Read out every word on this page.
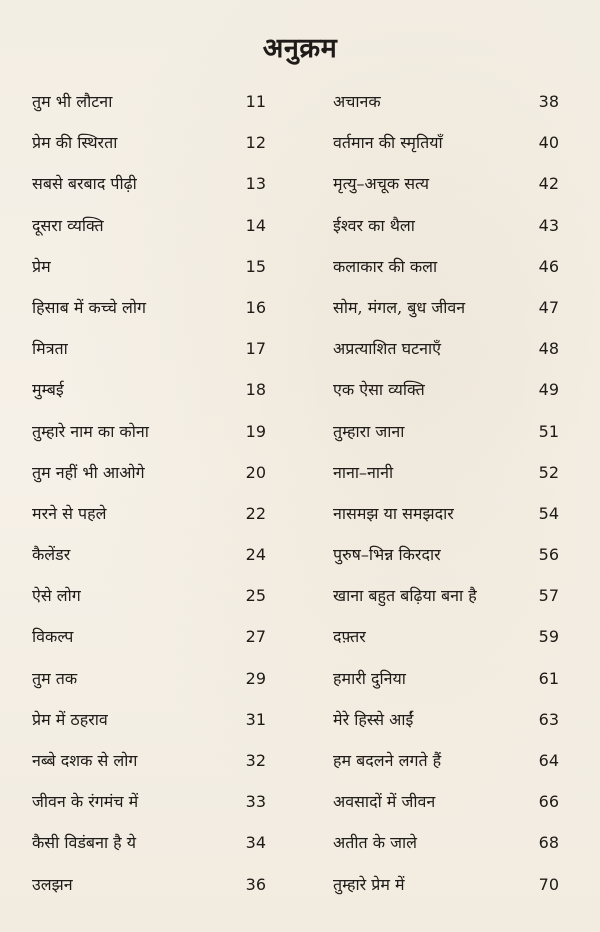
अनुक्रम
तुम भी लौटना	11
प्रेम की स्थिरता	12
सबसे बरबाद पीढ़ी	13
दूसरा व्यक्ति	14
प्रेम	15
हिसाब में कच्चे लोग	16
मित्रता	17
मुम्बई	18
तुम्हारे नाम का कोना	19
तुम नहीं भी आओगे	20
मरने से पहले	22
कैलेंडर	24
ऐसे लोग	25
विकल्प	27
तुम तक	29
प्रेम में ठहराव	31
नब्बे दशक से लोग	32
जीवन के रंगमंच में	33
कैसी विडंबना है ये	34
उलझन	36
अचानक	38
वर्तमान की स्मृतियाँ	40
मृत्यु–अचूक सत्य	42
ईश्वर का थैला	43
कलाकार की कला	46
सोम, मंगल, बुध जीवन	47
अप्रत्याशित घटनाएँ	48
एक ऐसा व्यक्ति	49
तुम्हारा जाना	51
नाना–नानी	52
नासमझ या समझदार	54
पुरुष–भिन्न किरदार	56
खाना बहुत बढ़िया बना है	57
दफ़्तर	59
हमारी दुनिया	61
मेरे हिस्से आईं	63
हम बदलने लगते हैं	64
अवसादों में जीवन	66
अतीत के जाले	68
तुम्हारे प्रेम में	70
